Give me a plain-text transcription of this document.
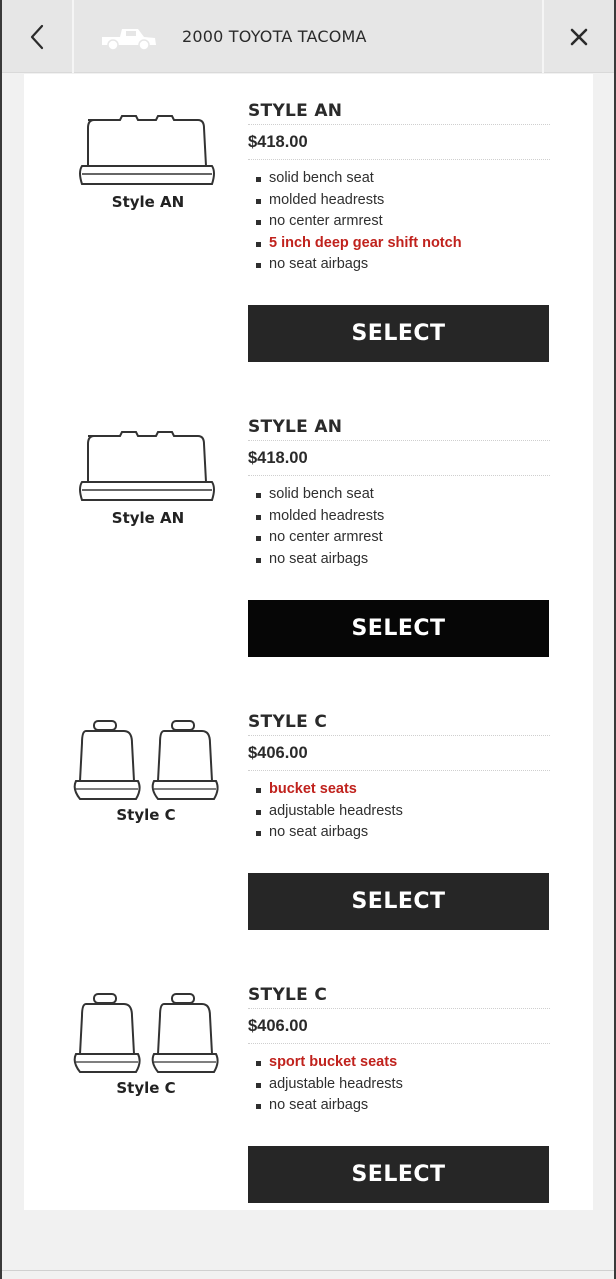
2000 TOYOTA TACOMA
Style AN
STYLE AN
$418.00
solid bench seat
molded headrests
no center armrest
5 inch deep gear shift notch
no seat airbags
SELECT
Style AN
STYLE AN
$418.00
solid bench seat
molded headrests
no center armrest
no seat airbags
SELECT
Style C
STYLE C
$406.00
bucket seats
adjustable headrests
no seat airbags
SELECT
Style C
STYLE C
$406.00
sport bucket seats
adjustable headrests
no seat airbags
SELECT
